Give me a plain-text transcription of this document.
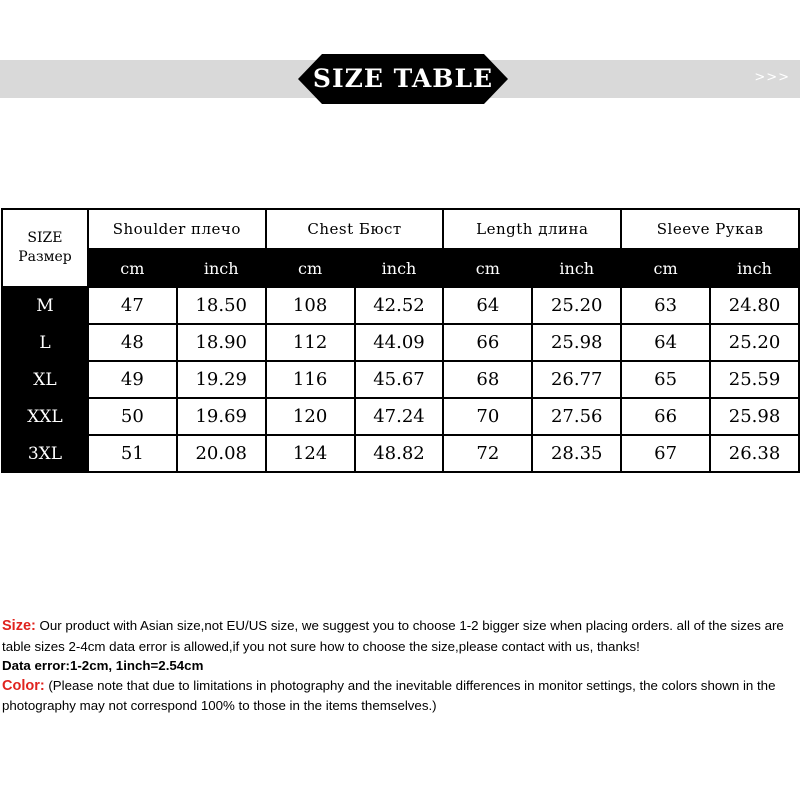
>>>
SIZE TABLE
SIZE
Размер	Shoulder плечо		Chest Бюст		Length длина		Sleeve Рукав	
	cm	inch	cm	inch	cm	inch	cm	inch
M	47	18.50	108	42.52	64	25.20	63	24.80
L	48	18.90	112	44.09	66	25.98	64	25.20
XL	49	19.29	116	45.67	68	26.77	65	25.59
XXL	50	19.69	120	47.24	70	27.56	66	25.98
3XL	51	20.08	124	48.82	72	28.35	67	26.38

Size: Our product with Asian size,not EU/US size, we suggest you to choose 1-2 bigger size when placing orders. all of the sizes are table sizes 2-4cm data error is allowed,if you not sure how to choose the size,please contact with us, thanks!

Data error:1-2cm, 1inch=2.54cm

Color: (Please note that due to limitations in photography and the inevitable differences in monitor settings, the colors shown in the photography may not correspond 100% to those in the items themselves.)
